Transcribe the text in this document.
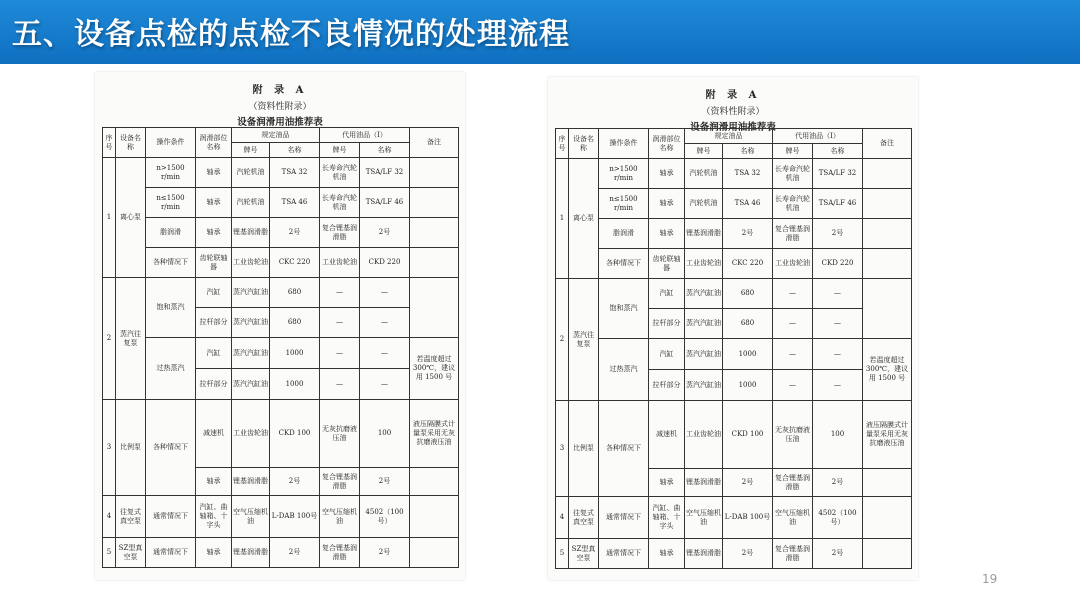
五、设备点检的点检不良情况的处理流程
附 录 A
（资料性附录）
设备润滑用油推荐表
序号	设备名称	操作条件	润滑部位名称	规定油品		代用油品（Ⅰ）		备注
				牌号	名称	牌号	名称	
1	离心泵	n>1500 r/min	轴承	汽轮机油	TSA 32	长寿命汽轮机油	TSA/LF 32	
		n≤1500 r/min	轴承	汽轮机油	TSA 46	长寿命汽轮机油	TSA/LF 46	
		脂润滑	轴承	锂基润滑脂	2号	复合锂基润滑脂	2号	
		各种情况下	齿轮联轴器	工业齿轮油	CKC 220	工业齿轮油	CKD 220	
2	蒸汽往复泵	饱和蒸汽	汽缸	蒸汽汽缸油	680	—	—	
			拉杆部分	蒸汽汽缸油	680	—	—	
		过热蒸汽	汽缸	蒸汽汽缸油	1000	—	—	若温度超过 300℃，建议用 1500 号
			拉杆部分	蒸汽汽缸油	1000	—	—	
3	比例泵	各种情况下	减速机	工业齿轮油	CKD 100	无灰抗磨液压油	100	液压隔膜式计量泵采用无灰抗磨液压油
			轴承	锂基润滑脂	2号	复合锂基润滑脂	2号	
4	往复式真空泵	通常情况下	汽缸、曲轴箱、十字头	空气压缩机油	L-DAB 100号	空气压缩机油	4502（100号）	
5	SZ型真空泵	通常情况下	轴承	锂基润滑脂	2号	复合锂基润滑脂	2号	
附 录 A
（资料性附录）
设备润滑用油推荐表
序号	设备名称	操作条件	润滑部位名称	规定油品		代用油品（Ⅰ）		备注
				牌号	名称	牌号	名称	
1	离心泵	n>1500 r/min	轴承	汽轮机油	TSA 32	长寿命汽轮机油	TSA/LF 32	
		n≤1500 r/min	轴承	汽轮机油	TSA 46	长寿命汽轮机油	TSA/LF 46	
		脂润滑	轴承	锂基润滑脂	2号	复合锂基润滑脂	2号	
		各种情况下	齿轮联轴器	工业齿轮油	CKC 220	工业齿轮油	CKD 220	
2	蒸汽往复泵	饱和蒸汽	汽缸	蒸汽汽缸油	680	—	—	
			拉杆部分	蒸汽汽缸油	680	—	—	
		过热蒸汽	汽缸	蒸汽汽缸油	1000	—	—	若温度超过 300℃，建议用 1500 号
			拉杆部分	蒸汽汽缸油	1000	—	—	
3	比例泵	各种情况下	减速机	工业齿轮油	CKD 100	无灰抗磨液压油	100	液压隔膜式计量泵采用无灰抗磨液压油
			轴承	锂基润滑脂	2号	复合锂基润滑脂	2号	
4	往复式真空泵	通常情况下	汽缸、曲轴箱、十字头	空气压缩机油	L-DAB 100号	空气压缩机油	4502（100号）	
5	SZ型真空泵	通常情况下	轴承	锂基润滑脂	2号	复合锂基润滑脂	2号	
19
